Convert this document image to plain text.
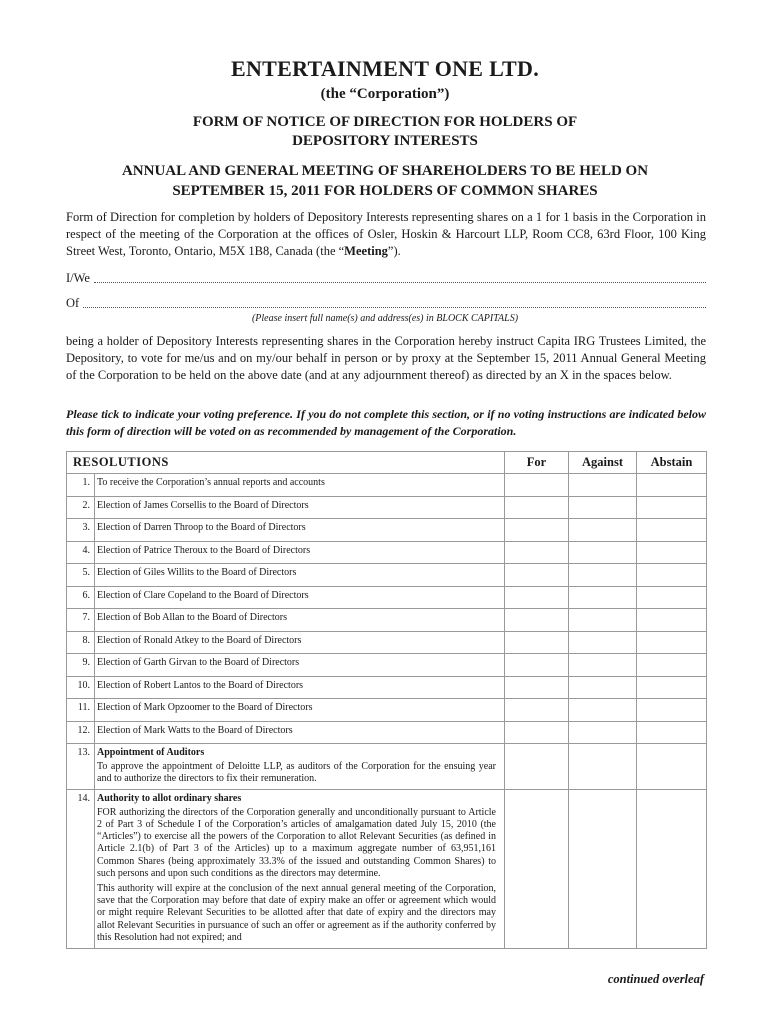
ENTERTAINMENT ONE LTD.
(the “Corporation”)
FORM OF NOTICE OF DIRECTION FOR HOLDERS OF
DEPOSITORY INTERESTS
ANNUAL AND GENERAL MEETING OF SHAREHOLDERS TO BE HELD ON
SEPTEMBER 15, 2011 FOR HOLDERS OF COMMON SHARES

Form of Direction for completion by holders of Depository Interests representing shares on a 1 for 1 basis in the Corporation in respect of the meeting of the Corporation at the offices of Osler, Hoskin & Harcourt LLP, Room CC8, 63rd Floor, 100 King Street West, Toronto, Ontario, M5X 1B8, Canada (the “Meeting”).

I/We
Of
(Please insert full name(s) and address(es) in BLOCK CAPITALS)

being a holder of Depository Interests representing shares in the Corporation hereby instruct Capita IRG Trustees Limited, the Depository, to vote for me/us and on my/our behalf in person or by proxy at the September 15, 2011 Annual General Meeting of the Corporation to be held on the above date (and at any adjournment thereof) as directed by an X in the spaces below.

Please tick to indicate your voting preference. If you do not complete this section, or if no voting instructions are indicated below this form of direction will be voted on as recommended by management of the Corporation.

RESOLUTIONS		For	Against	Abstain
1.	To receive the Corporation’s annual reports and accounts			
2.	Election of James Corsellis to the Board of Directors			
3.	Election of Darren Throop to the Board of Directors			
4.	Election of Patrice Theroux to the Board of Directors			
5.	Election of Giles Willits to the Board of Directors			
6.	Election of Clare Copeland to the Board of Directors			
7.	Election of Bob Allan to the Board of Directors			
8.	Election of Ronald Atkey to the Board of Directors			
9.	Election of Garth Girvan to the Board of Directors			
10.	Election of Robert Lantos to the Board of Directors			
11.	Election of Mark Opzoomer to the Board of Directors			
12.	Election of Mark Watts to the Board of Directors			
13.	Appointment of Auditors
To approve the appointment of Deloitte LLP, as auditors of the Corporation for the ensuing year and to authorize the directors to fix their remuneration.			

14.	Authority to allot ordinary shares
FOR authorizing the directors of the Corporation generally and unconditionally pursuant to Article 2 of Part 3 of Schedule I of the Corporation’s articles of amalgamation dated July 15, 2010 (the “Articles”) to exercise all the powers of the Corporation to allot Relevant Securities (as defined in Article 2.1(b) of Part 3 of the Articles) up to a maximum aggregate number of 63,951,161 Common Shares (being approximately 33.3% of the issued and outstanding Common Shares) to such persons and upon such conditions as the directors may determine.
This authority will expire at the conclusion of the next annual general meeting of the Corporation, save that the Corporation may before that date of expiry make an offer or agreement which would or might require Relevant Securities to be allotted after that date of expiry and the directors may allot Relevant Securities in pursuance of such an offer or agreement as if the authority conferred by this Resolution had not expired; and			

continued overleaf
